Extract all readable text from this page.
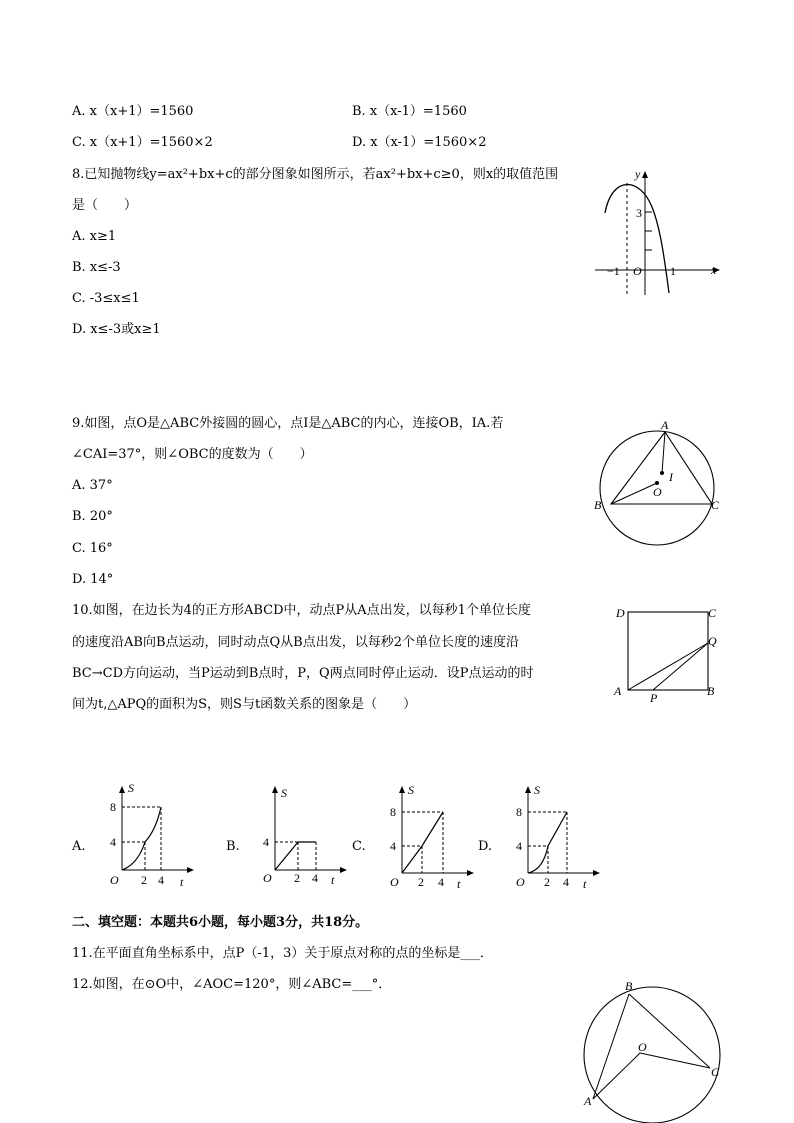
A. x（x+1）=1560	B. x（x-1）=1560
C. x（x+1）=1560×2	D. x（x-1）=1560×2
8.已知抛物线y=ax²+bx+c的部分图象如图所示，若ax²+bx+c≥0，则x的取值范围
是（　　）
A. x≥1
B. x≤-3
C. -3≤x≤1
D. x≤-3或x≥1
y
3
−1 O 1	x
9.如图，点O是△ABC外接圆的圆心，点I是△ABC的内心，连接OB，IA.若
∠CAI=37°，则∠OBC的度数为（　　）
A. 37°
B. 20°
C. 16°
D. 14°
A
B	C
O
I
10.如图，在边长为4的正方形ABCD中，动点P从A点出发，以每秒1个单位长度
的速度沿AB向B点运动，同时动点Q从B点出发，以每秒2个单位长度的速度沿
BC→CD方向运动，当P运动到B点时，P，Q两点同时停止运动．设P点运动的时
间为t,△APQ的面积为S，则S与t函数关系的图象是（　　）
A	B
C
D
P
Q
A.
S
8
4
O 2 4 t
B.
S
4
O 2 4 t
C.
S
8
4
O 2 4 t
D.
S
8
4
O 2 4 t
二、填空题：本题共6小题，每小题3分，共18分。
11.在平面直角坐标系中，点P（-1，3）关于原点对称的点的坐标是___．
12.如图，在⊙O中，∠AOC=120°，则∠ABC=___°．	B
A
C
O
